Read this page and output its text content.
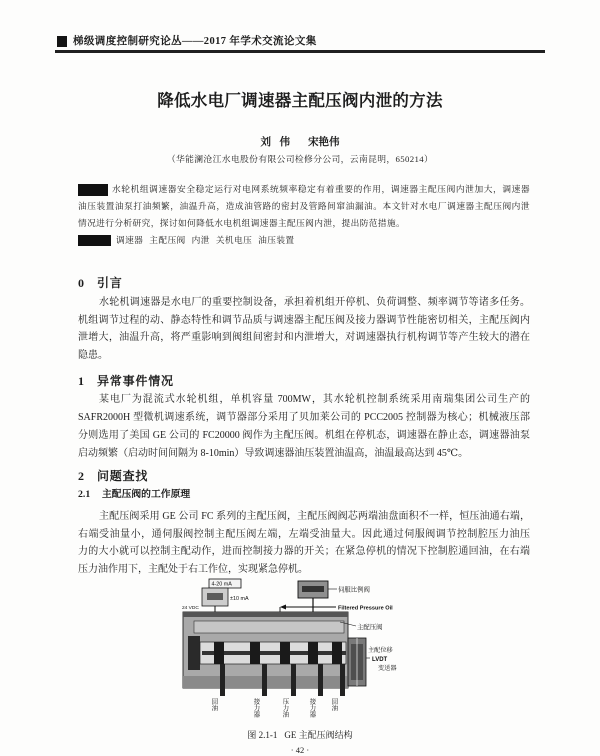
梯级调度控制研究论丛——2017 年学术交流论文集
降低水电厂调速器主配压阀内泄的方法
刘 伟 宋艳伟
（华能澜沧江水电股份有限公司检修分公司，云南昆明，650214）
水轮机组调速器安全稳定运行对电网系统频率稳定有着重要的作用，调速器主配压阀内泄加大，调速器
油压装置油泵打油频繁，油温升高，造成油管路的密封及管路间窜油漏油。本文针对水电厂调速器主配压阀内泄
情况进行分析研究，探讨如何降低水电机组调速器主配压阀内泄，提出防范措施。
调速器 主配压阀 内泄 关机电压 油压装置
0 引言
水轮机调速器是水电厂的重要控制设备，承担着机组开停机、负荷调整、频率调节等诸多任务。
机组调节过程的动、静态特性和调节品质与调速器主配压阀及接力器调节性能密切相关，主配压阀内
泄增大，油温升高，将严重影响到阀组间密封和内泄增大，对调速器执行机构调节等产生较大的潜在
隐患。
1 异常事件情况
某电厂为混流式水轮机组，单机容量 700MW，其水轮机控制系统采用南瑞集团公司生产的
SAFR2000H 型微机调速系统，调节器部分采用了贝加莱公司的 PCC2005 控制器为核心；机械液压部
分则选用了美国 GE 公司的 FC20000 阀作为主配压阀。机组在停机态，调速器在静止态，调速器油泵
启动频繁（启动时间间隔为 8-10min）导致调速器油压装置油温高，油温最高达到 45℃。
2 问题查找
2.1 主配压阀的工作原理
主配压阀采用 GE 公司 FC 系列的主配压阀，主配压阀阀芯两端油盘面积不一样，恒压油通右端，
右端受油量小，通伺服阀控制主配压阀左端，左端受油量大。因此通过伺服阀调节控制腔压力油压
力的大小就可以控制主配动作，进而控制接力器的开关；在紧急停机的情况下控制腔通回油，在右端
压力油作用下，主配处于右工作位，实现紧急停机。
4-20 mA
±10 mA
24 VDC
伺服比例阀
Filtered Pressure Oil
主配压阀
主配位移
LVDT
变送器
回油	接力器	压力油	接力器 回油
图 2.1-1 GE 主配压阀结构
· 42 ·
